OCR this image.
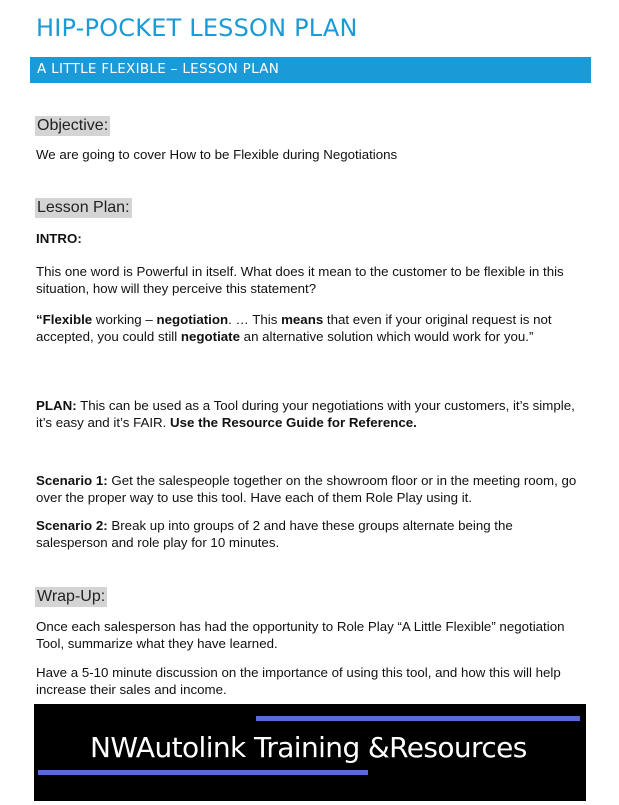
HIP-POCKET LESSON PLAN
A LITTLE FLEXIBLE – LESSON PLAN
Objective:
We are going to cover How to be Flexible during Negotiations
Lesson Plan:
INTRO:
This one word is Powerful in itself. What does it mean to the customer to be flexible in this situation, how will they perceive this statement?
“Flexible working – negotiation. … This means that even if your original request is not accepted, you could still negotiate an alternative solution which would work for you.”
PLAN: This can be used as a Tool during your negotiations with your customers, it’s simple, it’s easy and it’s FAIR. Use the Resource Guide for Reference.
Scenario 1: Get the salespeople together on the showroom floor or in the meeting room, go over the proper way to use this tool. Have each of them Role Play using it.
Scenario 2: Break up into groups of 2 and have these groups alternate being the salesperson and role play for 10 minutes.
Wrap-Up:
Once each salesperson has had the opportunity to Role Play “A Little Flexible” negotiation Tool, summarize what they have learned.
Have a 5-10 minute discussion on the importance of using this tool, and how this will help increase their sales and income.
NWAutolink Training &Resources
